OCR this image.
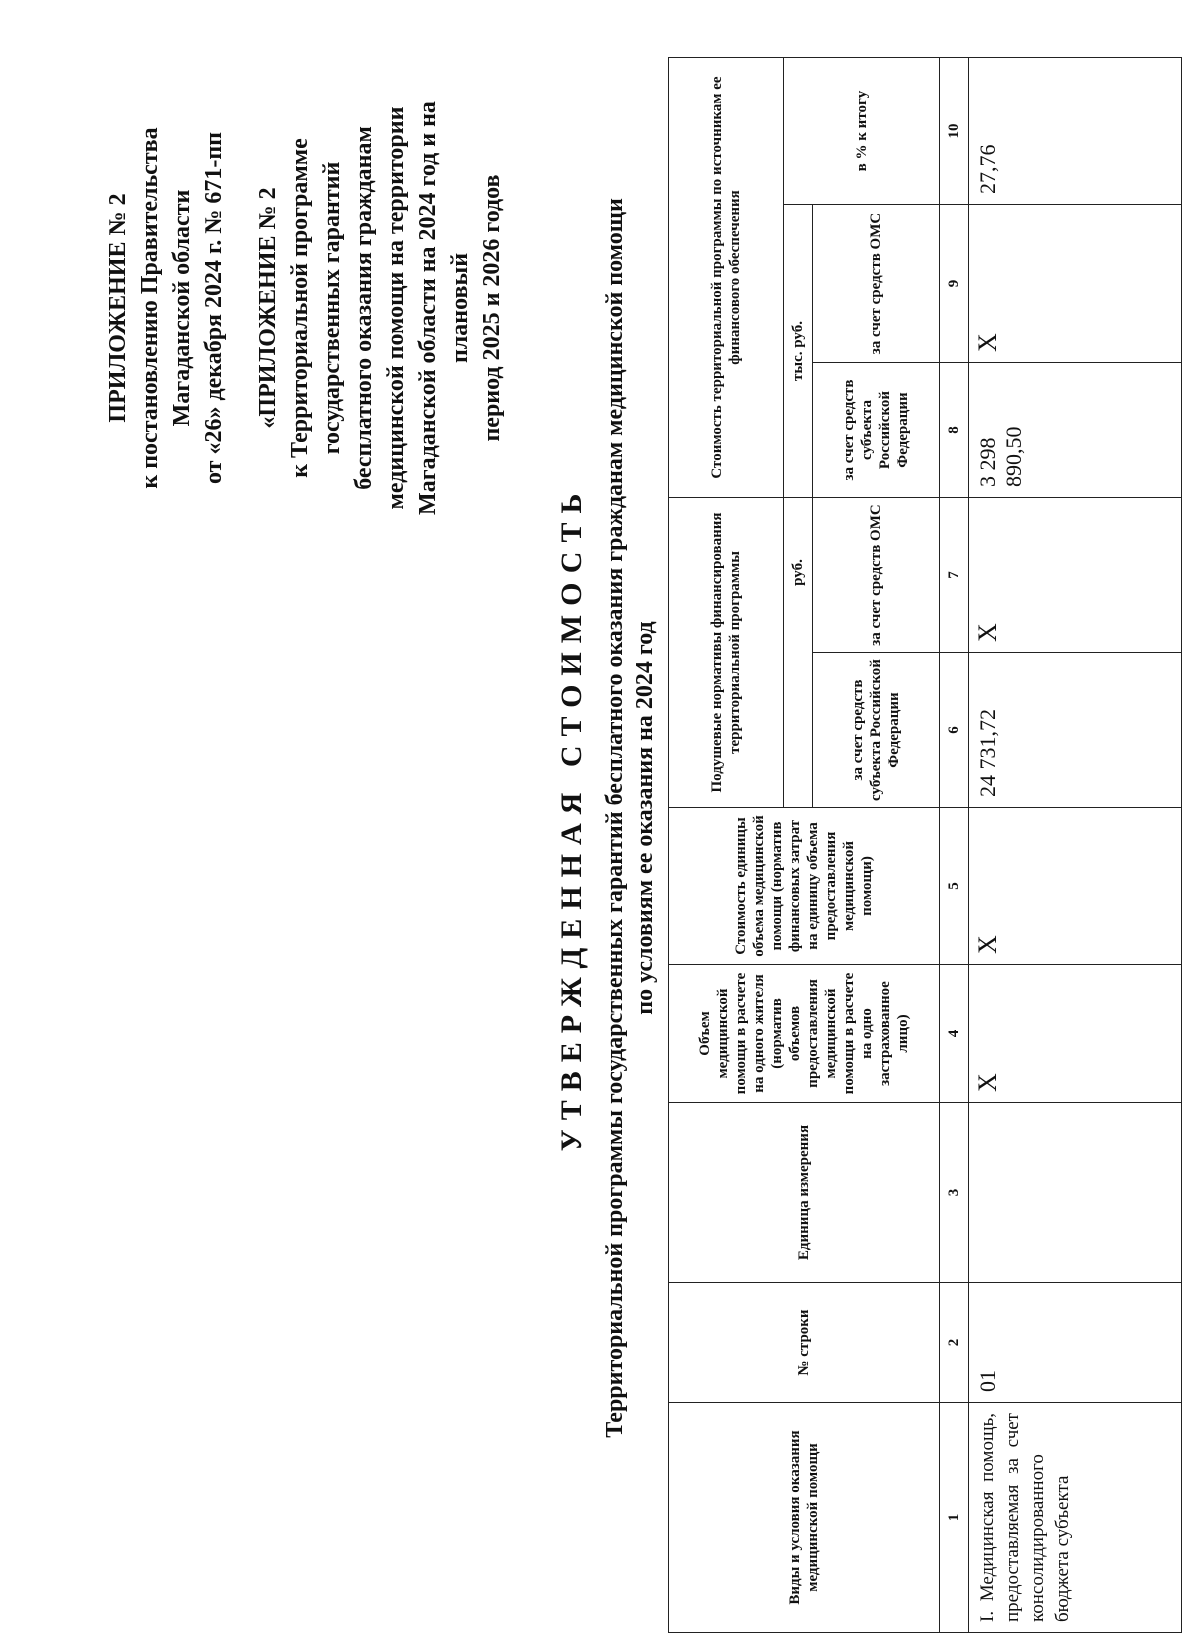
ПРИЛОЖЕНИЕ № 2 к постановлению Правительства Магаданской области от «26» декабря 2024 г. № 671-пп «ПРИЛОЖЕНИЕ № 2 к Территориальной программе государственных гарантий бесплатного оказания гражданам медицинской помощи на территории Магаданской области на 2024 год и на плановый период 2025 и 2026 годов
УТВЕРЖДЕННАЯ СТОИМОСТЬ Территориальной программы государственных гарантий бесплатного оказания гражданам медицинской помощи по условиям ее оказания на 2024 год
Виды и условия оказания медицинской помощи	№ строки	Единица измерения	Объем медицинской помощи в расчете на одного жителя (норматив объемов предоставления медицинской помощи в расчете на одно застрахованное лицо)	Стоимость единицы объема медицинской помощи (норматив финансовых затрат на единицу объема предоставления медицинской помощи)	Подушевые нормативы финансирования территориальной программы		Стоимость территориальной программы по источникам ее финансового обеспечения		
					руб.		тыс. руб.		в % к итогу
					за счет средств субъекта Российской Федерации	за счет средств ОМС	за счет средств субъекта Российской Федерации	за счет средств ОМС	
1	2	3	4	5	6	7	8	9	10
I. Медицинская помощь, предоставляемая за счет консолидированного бюджета субъекта	01		X	X	24 731,72	X	3 298 890,50	X	27,76
